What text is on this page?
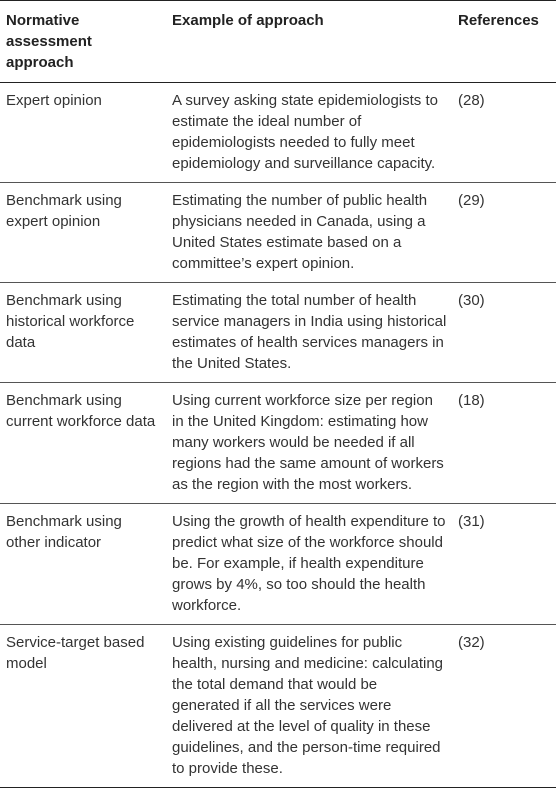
Normative assessment approach	Example of approach	References
Expert opinion	A survey asking state epidemiologists to estimate the ideal number of epidemiologists needed to fully meet epidemiology and surveillance capacity.	(28)
Benchmark using expert opinion	Estimating the number of public health physicians needed in Canada, using a United States estimate based on a committee’s expert opinion.	(29)
Benchmark using historical workforce data	Estimating the total number of health service managers in India using historical estimates of health services managers in the United States.	(30)
Benchmark using current workforce data	Using current workforce size per region in the United Kingdom: estimating how many workers would be needed if all regions had the same amount of workers as the region with the most workers.	(18)
Benchmark using other indicator	Using the growth of health expenditure to predict what size of the workforce should be. For example, if health expenditure grows by 4%, so too should the health workforce.	(31)
Service-target based model	Using existing guidelines for public health, nursing and medicine: calculating the total demand that would be generated if all the services were delivered at the level of quality in these guidelines, and the person-time required to provide these.	(32)
